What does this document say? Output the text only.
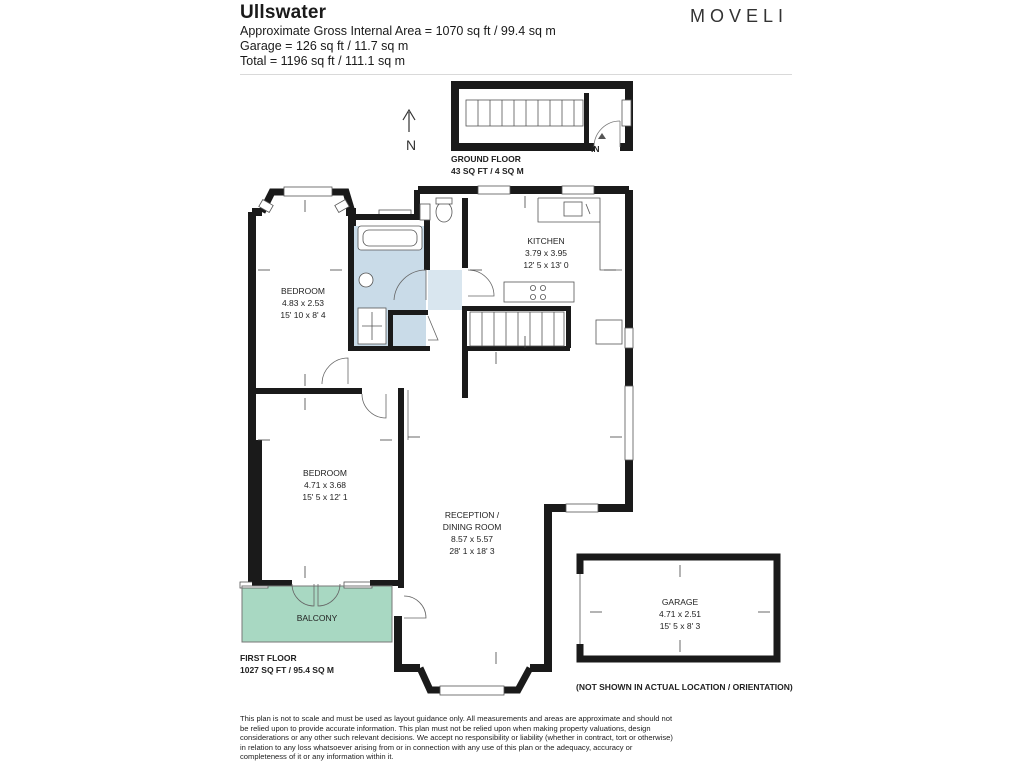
Ullswater
Approximate Gross Internal Area = 1070 sq ft / 99.4 sq m
Garage = 126 sq ft / 11.7 sq m
Total = 1196 sq ft / 111.1 sq m
MOVELI
IN
GROUND FLOOR
43 SQ FT / 4 SQ M
N
BEDROOM
4.83 x 2.53
15' 10 x 8' 4
KITCHEN
3.79 x 3.95
12' 5 x 13' 0
BEDROOM
4.71 x 3.68
15' 5 x 12' 1
RECEPTION /
DINING ROOM
8.57 x 5.57
28' 1 x 18' 3
BALCONY
GARAGE
4.71 x 2.51
15' 5 x 8' 3
FIRST FLOOR
1027 SQ FT / 95.4 SQ M
(NOT SHOWN IN ACTUAL LOCATION / ORIENTATION)
This plan is not to scale and must be used as layout guidance only. All measurements and areas are approximate and should not be relied upon to provide accurate information. This plan must not be relied upon when making property valuations, design considerations or any other such relevant decisions. We accept no responsibility or liability (whether in contract, tort or otherwise) in relation to any loss whatsoever arising from or in connection with any use of this plan or the adequacy, accuracy or completeness of it or any information within it.
